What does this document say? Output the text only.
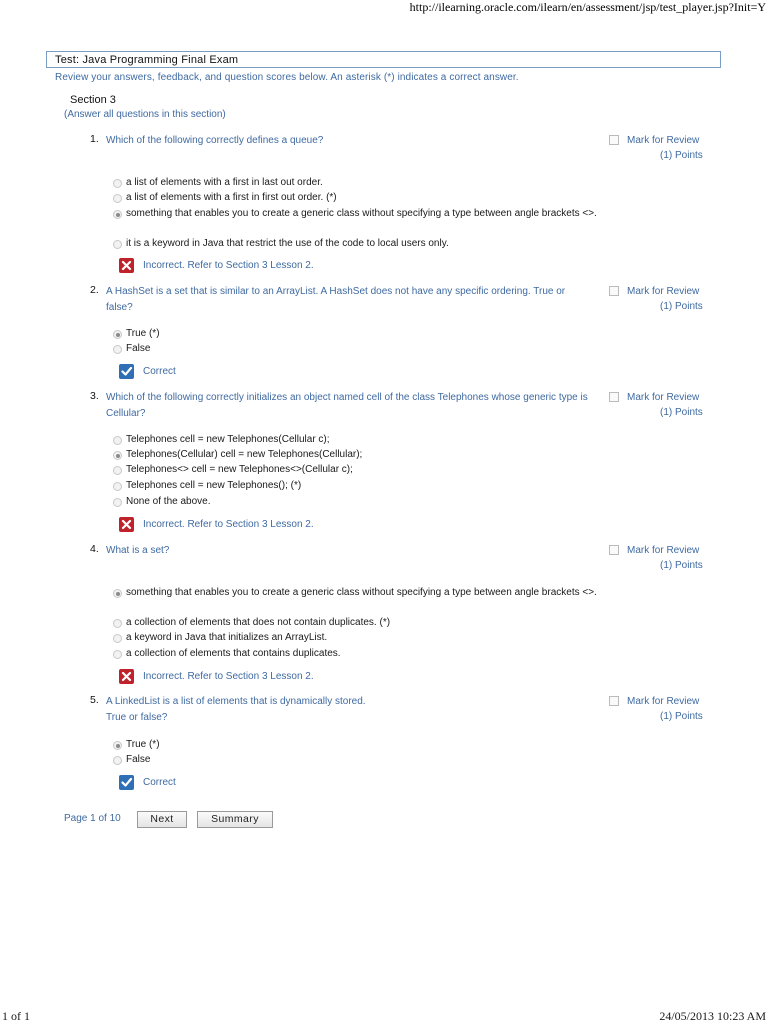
http://ilearning.oracle.com/ilearn/en/assessment/jsp/test_player.jsp?Init=Y
Test: Java Programming Final Exam
Review your answers, feedback, and question scores below. An asterisk (*) indicates a correct answer.
Section 3
(Answer all questions in this section)
1. Which of the following correctly defines a queue?	Mark for Review
(1) Points
a list of elements with a first in last out order.
a list of elements with a first in first out order. (*)
something that enables you to create a generic class without specifying a type between angle brackets <>.
it is a keyword in Java that restrict the use of the code to local users only.
Incorrect. Refer to Section 3 Lesson 2.
2. A HashSet is a set that is similar to an ArrayList. A HashSet does not have any specific ordering. True or false?
Mark for Review
(1) Points
True (*)
False
Correct
3. Which of the following correctly initializes an object named cell of the class Telephones whose generic type is Cellular?
Mark for Review
(1) Points
Telephones cell = new Telephones(Cellular c);
Telephones(Cellular) cell = new Telephones(Cellular);
Telephones<> cell = new Telephones<>(Cellular c);
Telephones cell = new Telephones(); (*)
None of the above.
Incorrect. Refer to Section 3 Lesson 2.
4. What is a set?	Mark for Review
(1) Points
something that enables you to create a generic class without specifying a type between angle brackets <>.
a collection of elements that does not contain duplicates. (*)
a keyword in Java that initializes an ArrayList.
a collection of elements that contains duplicates.
Incorrect. Refer to Section 3 Lesson 2.
5. A LinkedList is a list of elements that is dynamically stored.
True or false?
Mark for Review
(1) Points
True (*)
False
Correct
Page 1 of 10	Next	Summary
1 of 1	24/05/2013 10:23 AM
